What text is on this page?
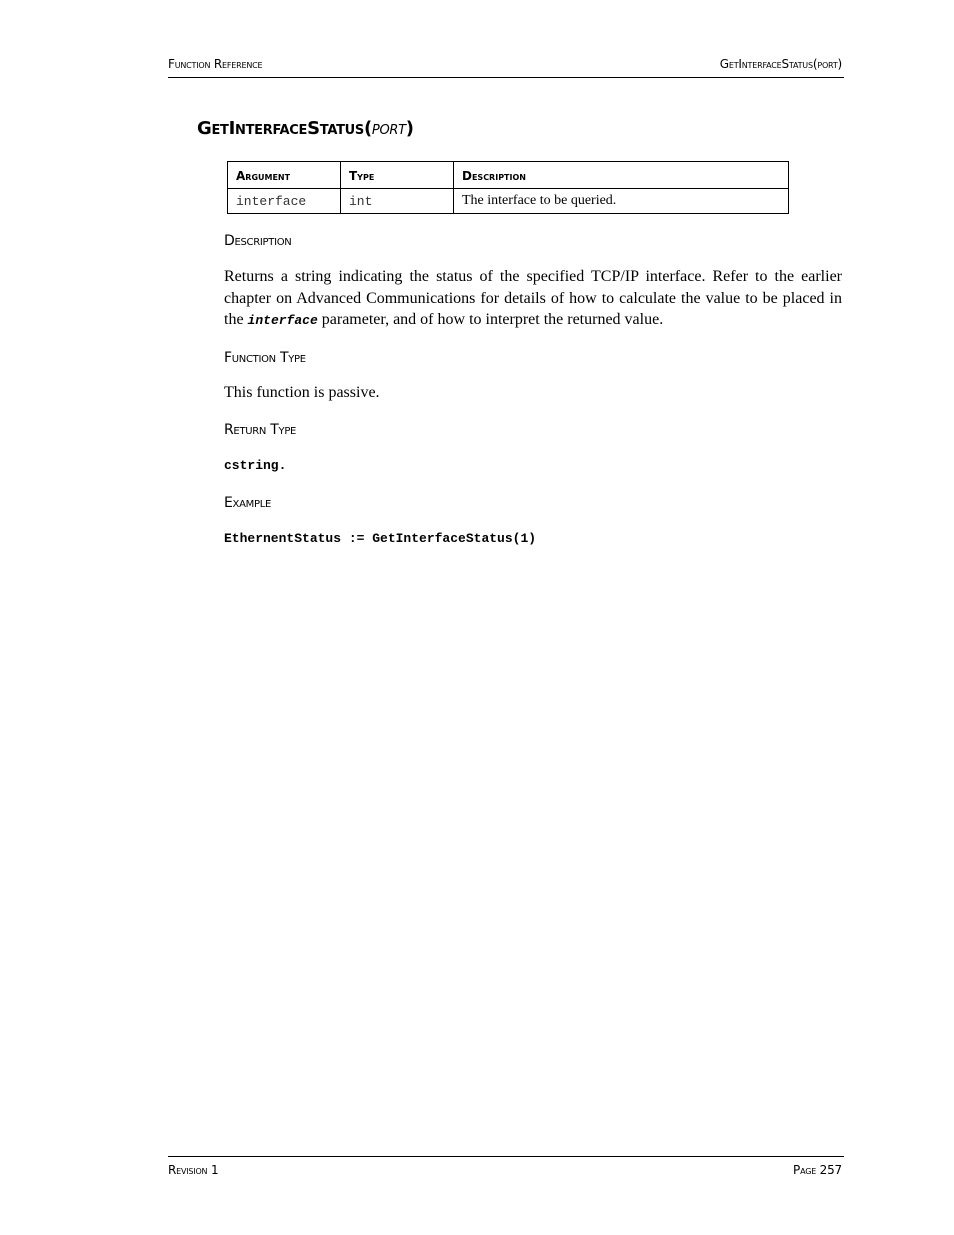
Function Reference	GetInterfaceStatus(port)
GetInterfaceStatus(port)
Argument	Type	Description
interface	int	The interface to be queried.
Description
Returns a string indicating the status of the specified TCP/IP interface. Refer to the earlier chapter on Advanced Communications for details of how to calculate the value to be placed in the interface parameter, and of how to interpret the returned value.
Function Type
This function is passive.
Return Type
cstring.
Example
EthernentStatus := GetInterfaceStatus(1)
Revision 1	Page 257
